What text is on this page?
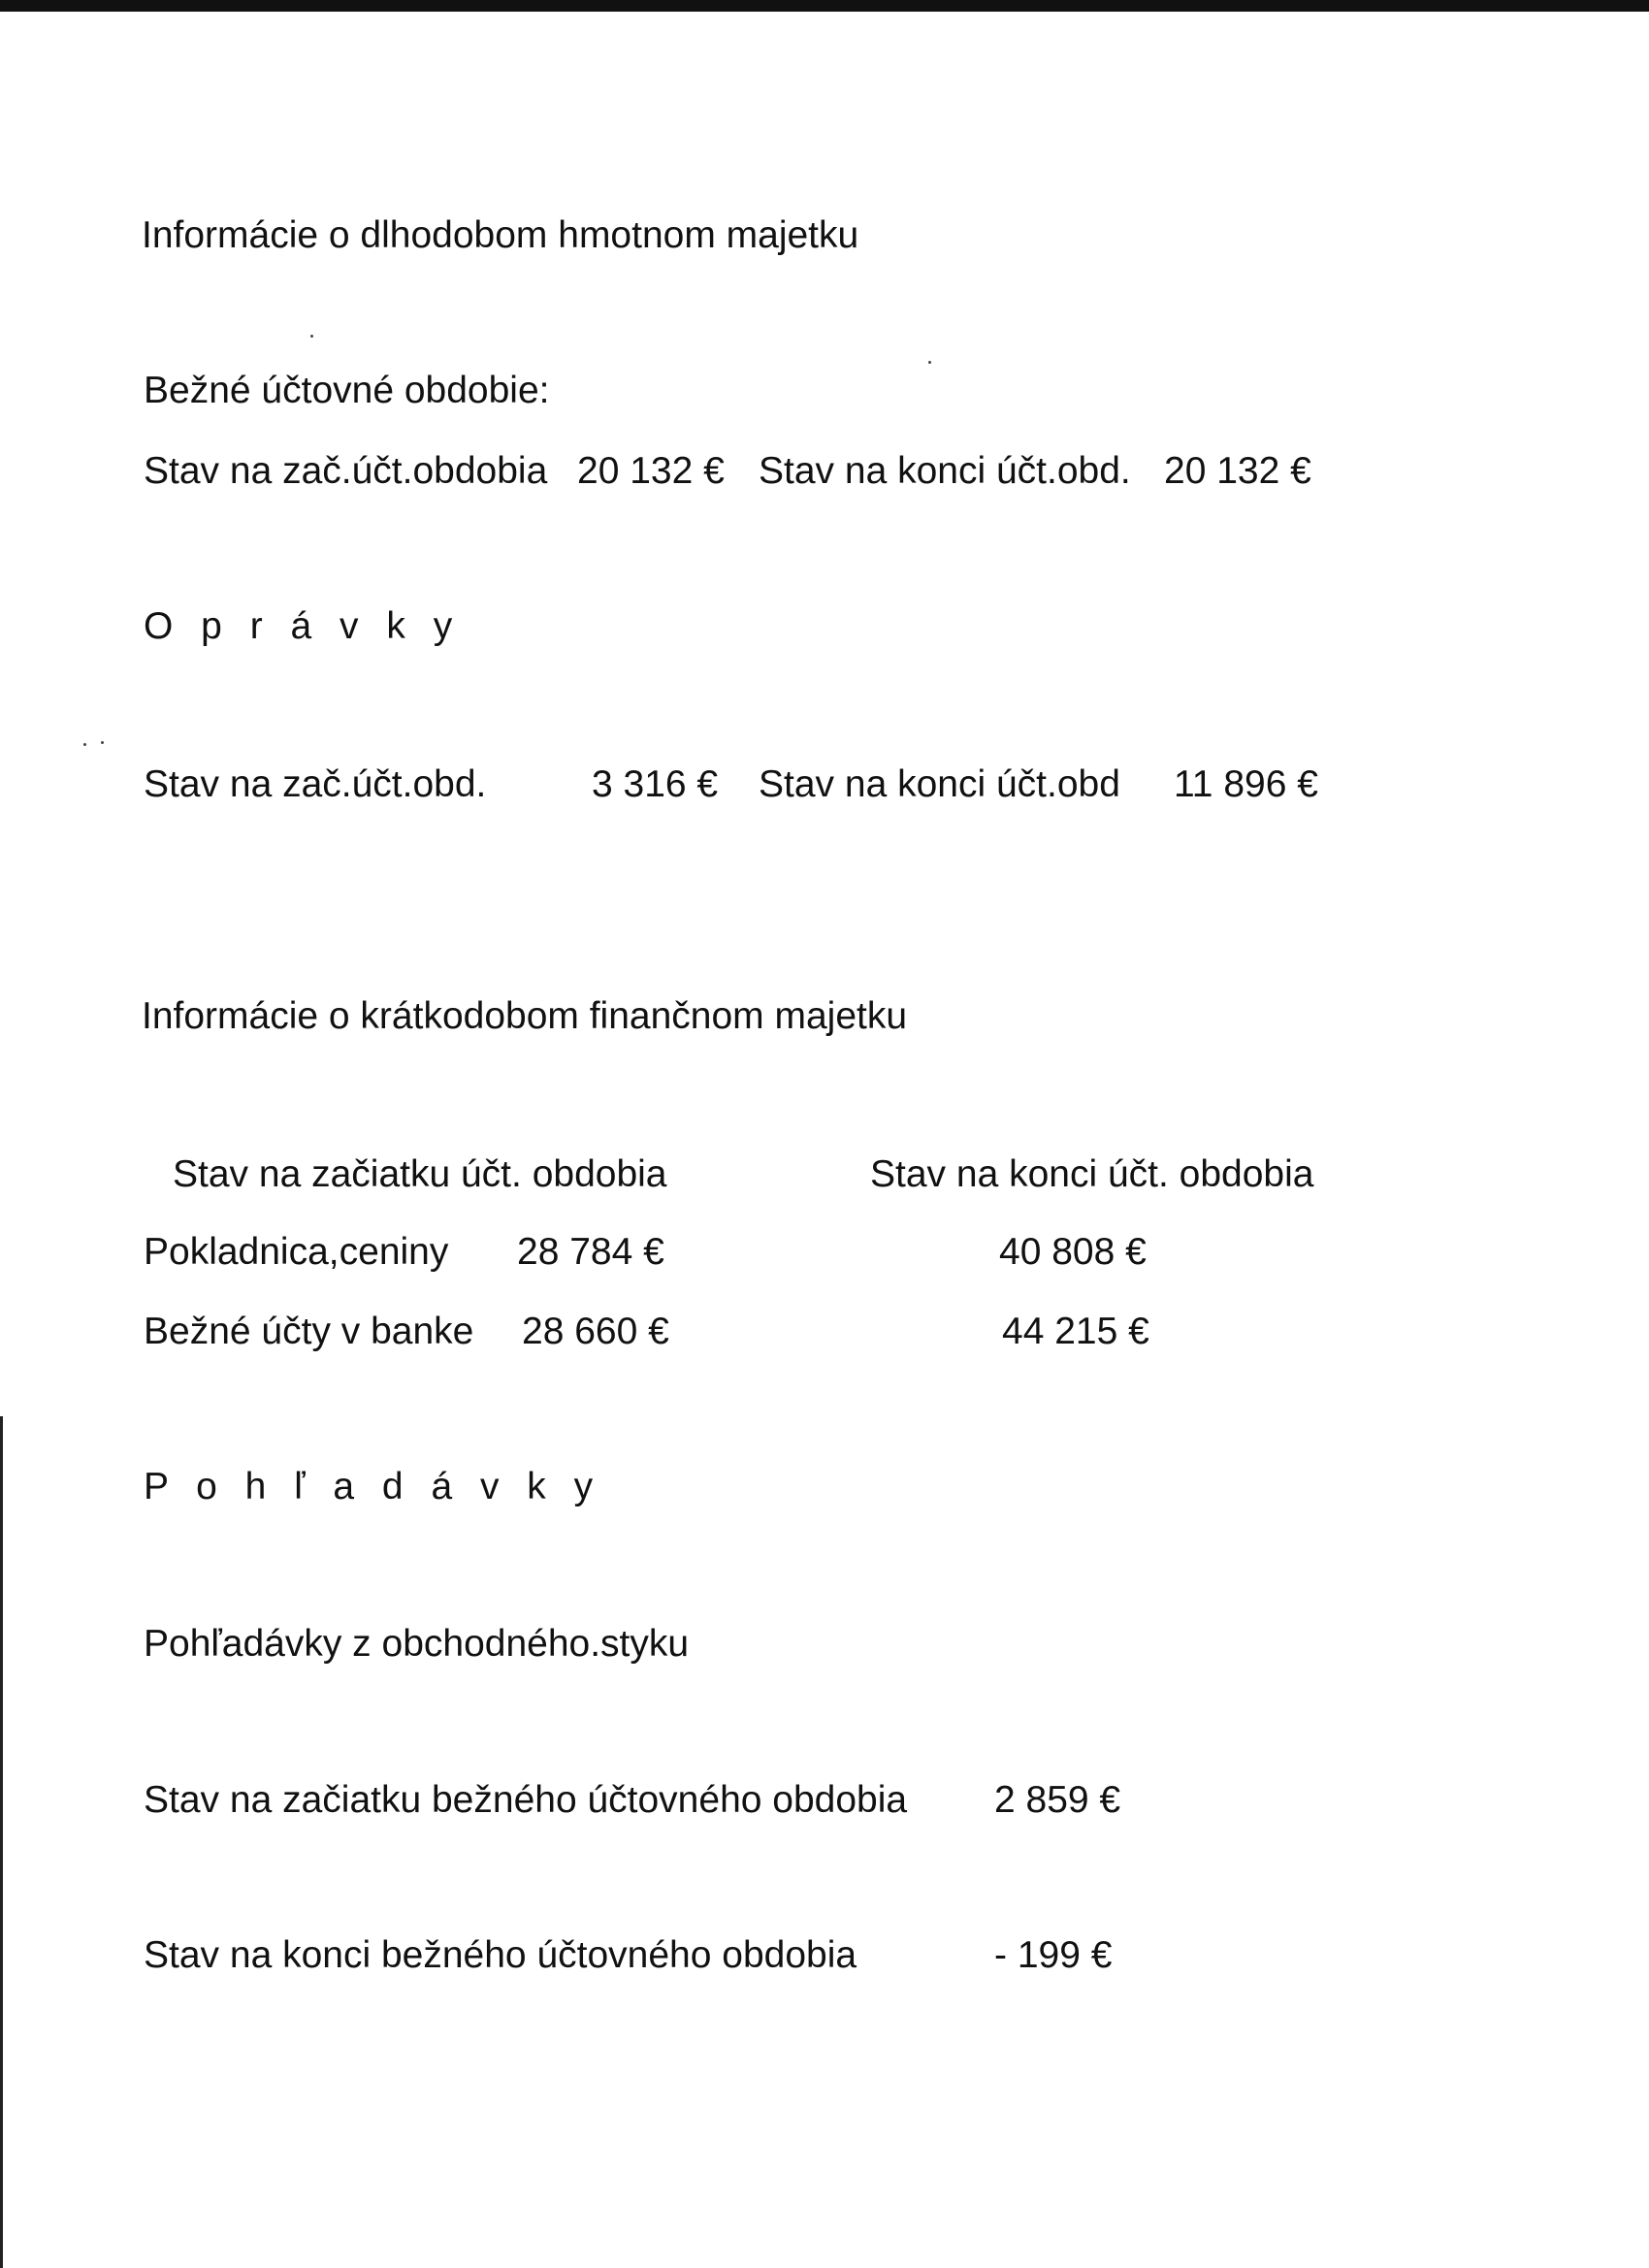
Informácie o dlhodobom hmotnom majetku
Bežné účtovné obdobie:
Stav na zač.účt.obdobia 20 132 € Stav na konci účt.obd. 20 132 €
O p r á v k y
Stav na zač.účt.obd.	3 316 € Stav na konci účt.obd 11 896 €
Informácie o krátkodobom finančnom majetku
Stav na začiatku účt. obdobia	Stav na konci účt. obdobia
Pokladnica,ceniny 28 784 €	40 808 €
Bežné účty v banke 28 660 €	44 215 €
P o h ľ a d á v k y
Pohľadávky z obchodného.styku
Stav na začiatku bežného účtovného obdobia 2 859 €
Stav na konci bežného účtovného obdobia	- 199 €
